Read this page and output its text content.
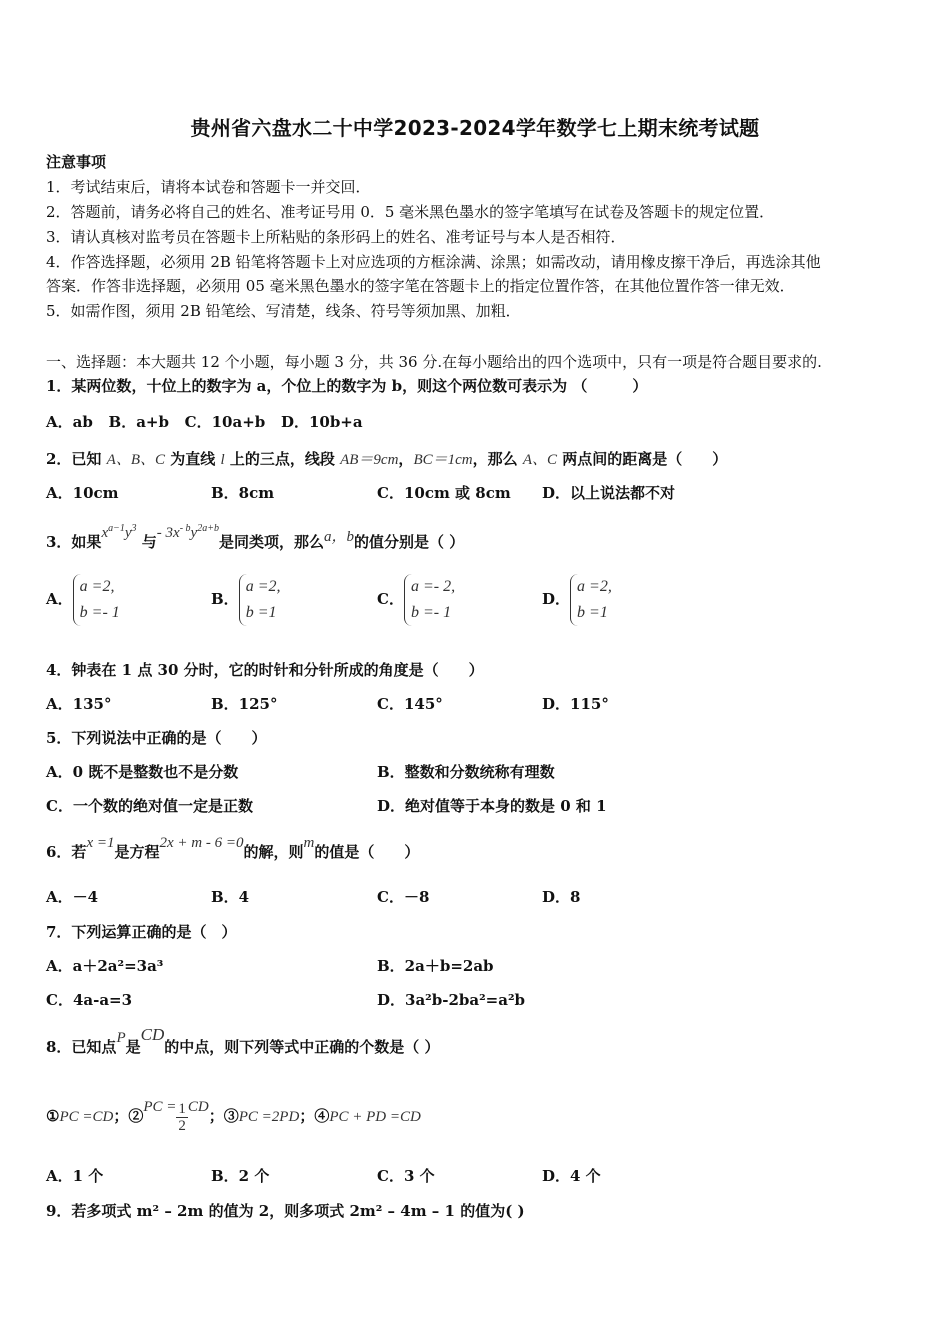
贵州省六盘水二十中学2023-2024学年数学七上期末统考试题
注意事项
1．考试结束后，请将本试卷和答题卡一并交回．
2．答题前，请务必将自己的姓名、准考证号用 0．5 毫米黑色墨水的签字笔填写在试卷及答题卡的规定位置．
3．请认真核对监考员在答题卡上所粘贴的条形码上的姓名、准考证号与本人是否相符．
4．作答选择题，必须用 2B 铅笔将答题卡上对应选项的方框涂满、涂黑；如需改动，请用橡皮擦干净后，再选涂其他
答案．作答非选择题，必须用 05 毫米黑色墨水的签字笔在答题卡上的指定位置作答，在其他位置作答一律无效．
5．如需作图，须用 2B 铅笔绘、写清楚，线条、符号等须加黑、加粗．
一、选择题：本大题共 12 个小题，每小题 3 分，共 36 分.在每小题给出的四个选项中，只有一项是符合题目要求的.
1．某两位数，十位上的数字为 a，个位上的数字为 b，则这个两位数可表示为 （　　　）
A．ab B．a+b C．10a+b D．10b+a
2．已知 A、B、C 为直线 l 上的三点，线段 AB＝9cm，BC＝1cm，那么 A、C 两点间的距离是（　　）
A．10cm	B．8cm	C．10cm 或 8cm D．以上说法都不对
3．如果$x^{a-1}y^3$ 与- $3x^{- b}y^{2a+b}$是同类项，那么a，b的值分别是（ ）
A．a =2,
b =- 1
B．a =2,
b =1
C．a =- 2,
b =- 1
D．a =2,
b =1
4．钟表在 1 点 30 分时，它的时针和分针所成的角度是（　　）
A．135°	B．125°	C．145°	D．115°
5．下列说法中正确的是（　　）
A．0 既不是整数也不是分数	B．整数和分数统称有理数
C．一个数的绝对值一定是正数	D．绝对值等于本身的数是 0 和 1
6．若x =1是方程2x + m - 6 =0的解，则m的值是（　　）
A．－4	B．4	C．－8	D．8
7．下列运算正确的是（　）
A．a＋2a²=3a³	B．2a＋b=2ab
C．4a-a=3	D．3a²b-2ba²=a²b
8．已知点P是CD的中点，则下列等式中正确的个数是（ ）
①PC =CD；②PC = $\frac{1}{2}$ CD；③PC =2PD；④PC + PD =CD
A．1 个	B．2 个	C．3 个	D．4 个
9．若多项式 m² – 2m 的值为 2，则多项式 2m² – 4m – 1 的值为( )
